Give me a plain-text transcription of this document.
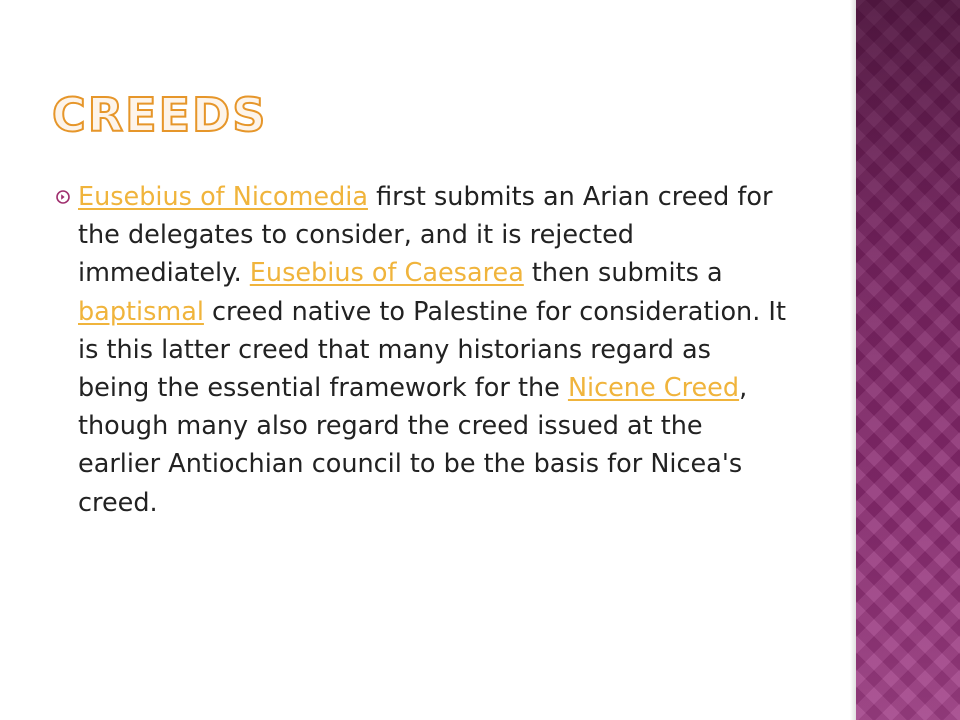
CREEDS

Eusebius of Nicomedia first submits an Arian creed for the delegates to consider, and it is rejected immediately. Eusebius of Caesarea then submits a baptismal creed native to Palestine for consideration. It is this latter creed that many historians regard as being the essential framework for the Nicene Creed, though many also regard the creed issued at the earlier Antiochian council to be the basis for Nicea's creed.
